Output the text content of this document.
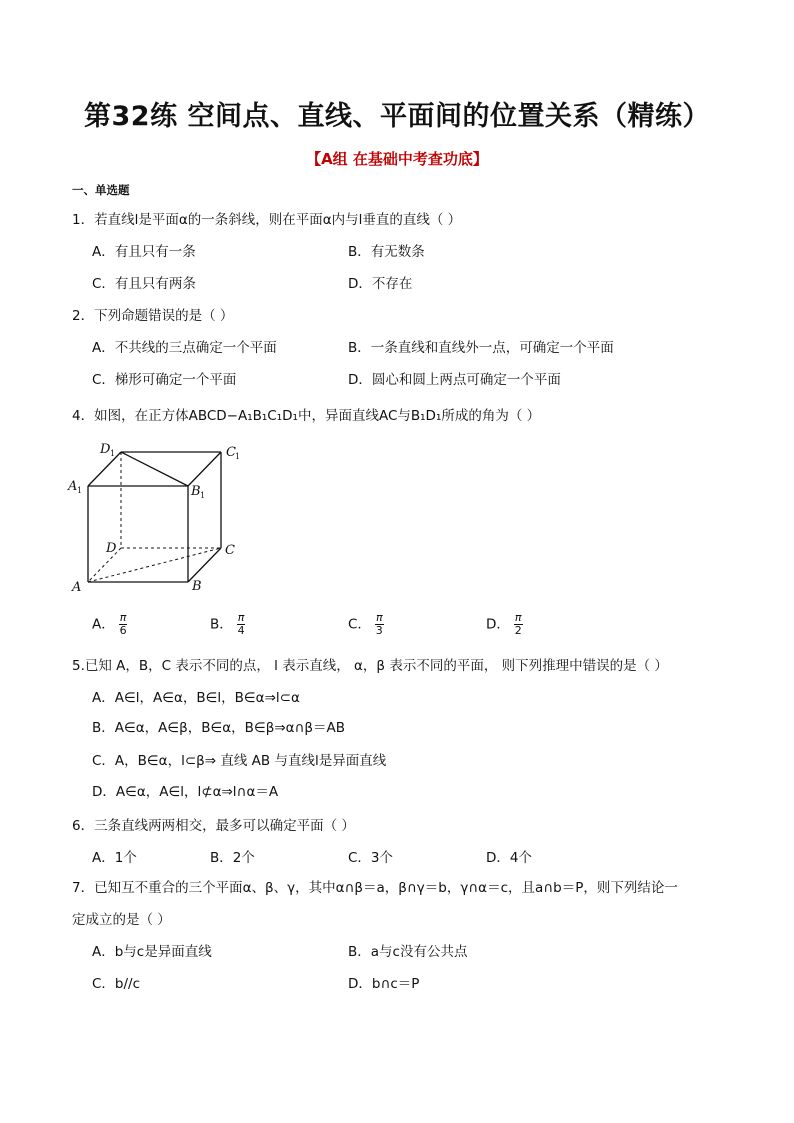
第32练 空间点、直线、平面间的位置关系（精练）
【A组 在基础中考查功底】
一、单选题
1．若直线l是平面α的一条斜线，则在平面α内与l垂直的直线（ ）
A．有且只有一条	B．有无数条
C．有且只有两条	D．不存在
2．下列命题错误的是（ ）
A．不共线的三点确定一个平面	B．一条直线和直线外一点，可确定一个平面
C．梯形可确定一个平面	D．圆心和圆上两点可确定一个平面
4．如图，在正方体ABCD−A₁B₁C₁D₁中，异面直线AC与B₁D₁所成的角为（ ）
D 1	C 1
A 1	B 1
D	C
A	B
A． $\frac{\pi}{6}$	B． $\frac{\pi}{4}$	C． $\frac{\pi}{3}$	D． $\frac{\pi}{2}$
5.已知 A，B，C 表示不同的点， l 表示直线， α，β 表示不同的平面， 则下列推理中错误的是（ ）
A．A∈l，A∈α，B∈l，B∈α⇒l⊂α
B．A∈α，A∈β，B∈α，B∈β⇒α∩β＝AB
C．A，B∈α，l⊂β⇒ 直线 AB 与直线l是异面直线
D．A∈α，A∈l，l⊄α⇒l∩α＝A
6．三条直线两两相交，最多可以确定平面（ ）
A．1个	B．2个	C．3个	D．4个
7．已知互不重合的三个平面α、β、γ，其中α∩β＝a，β∩γ＝b，γ∩α＝c，且a∩b＝P，则下列结论一
定成立的是（ ）
A．b与c是异面直线	B．a与c没有公共点
C．b//c	D．b∩c＝P
